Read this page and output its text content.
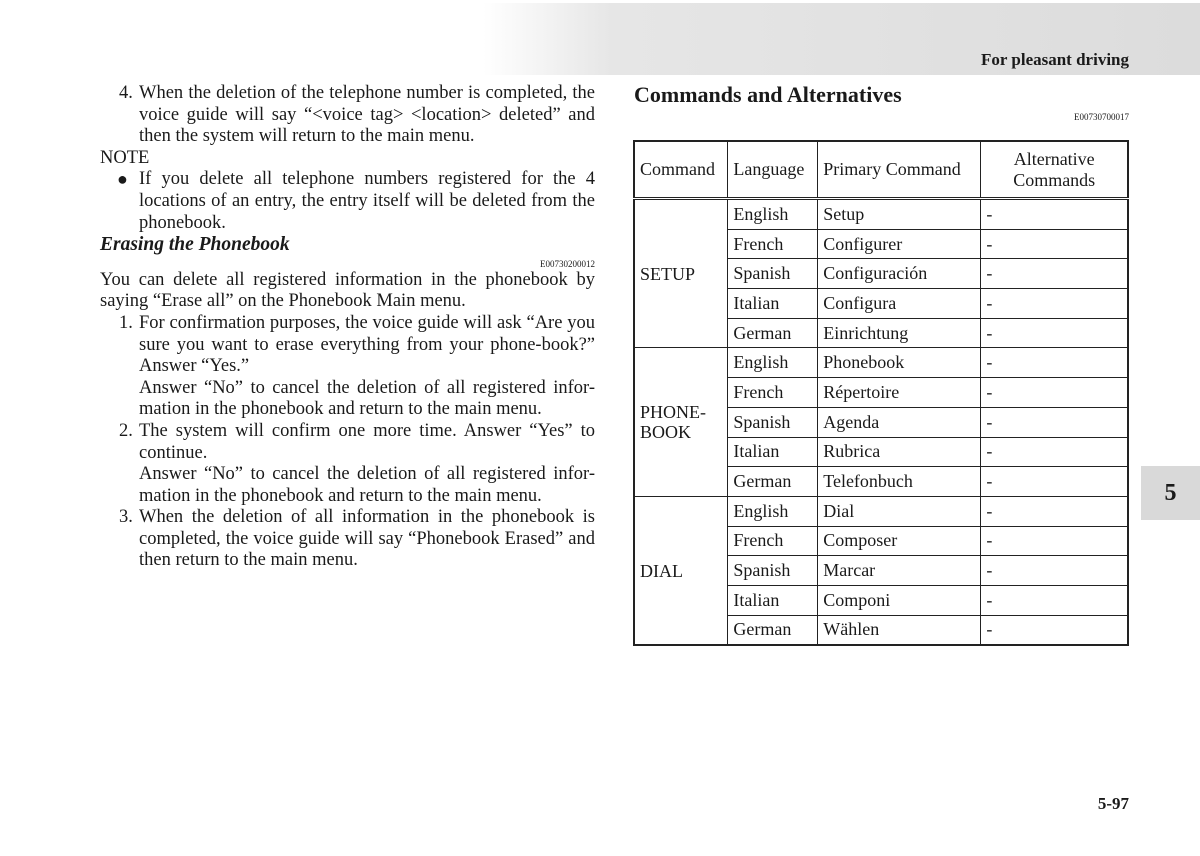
For pleasant driving
4. When the deletion of the telephone number is completed, the voice guide will say “<voice tag> <location> deleted” and then the system will return to the main menu.

NOTE

● If you delete all telephone numbers registered for the 4 locations of an entry, the entry itself will be deleted from the phonebook.

Erasing the Phonebook

E00730200012

You can delete all registered information in the phonebook by saying “Erase all” on the Phonebook Main menu.

1. For confirmation purposes, the voice guide will ask “Are you sure you want to erase everything from your phone-book?” Answer “Yes.”
Answer “No” to cancel the deletion of all registered infor-mation in the phonebook and return to the main menu.
2. The system will confirm one more time. Answer “Yes” to continue.
Answer “No” to cancel the deletion of all registered infor-mation in the phonebook and return to the main menu.
3. When the deletion of all information in the phonebook is completed, the voice guide will say “Phonebook Erased” and then return to the main menu.
Commands and Alternatives
E00730700017
Command	Language	Primary Command	Alternative Commands
SETUP	English	Setup	-
	French	Configurer	-
	Spanish	Configuración	-
	Italian	Configura	-
	German	Einrichtung	-
PHONE-
BOOK	English	Phonebook	-
	French	Répertoire	-
	Spanish	Agenda	-
	Italian	Rubrica	-
	German	Telefonbuch	-
DIAL	English	Dial	-
	French	Composer	-
	Spanish	Marcar	-
	Italian	Componi	-
	German	Wählen	-
5
5-97
